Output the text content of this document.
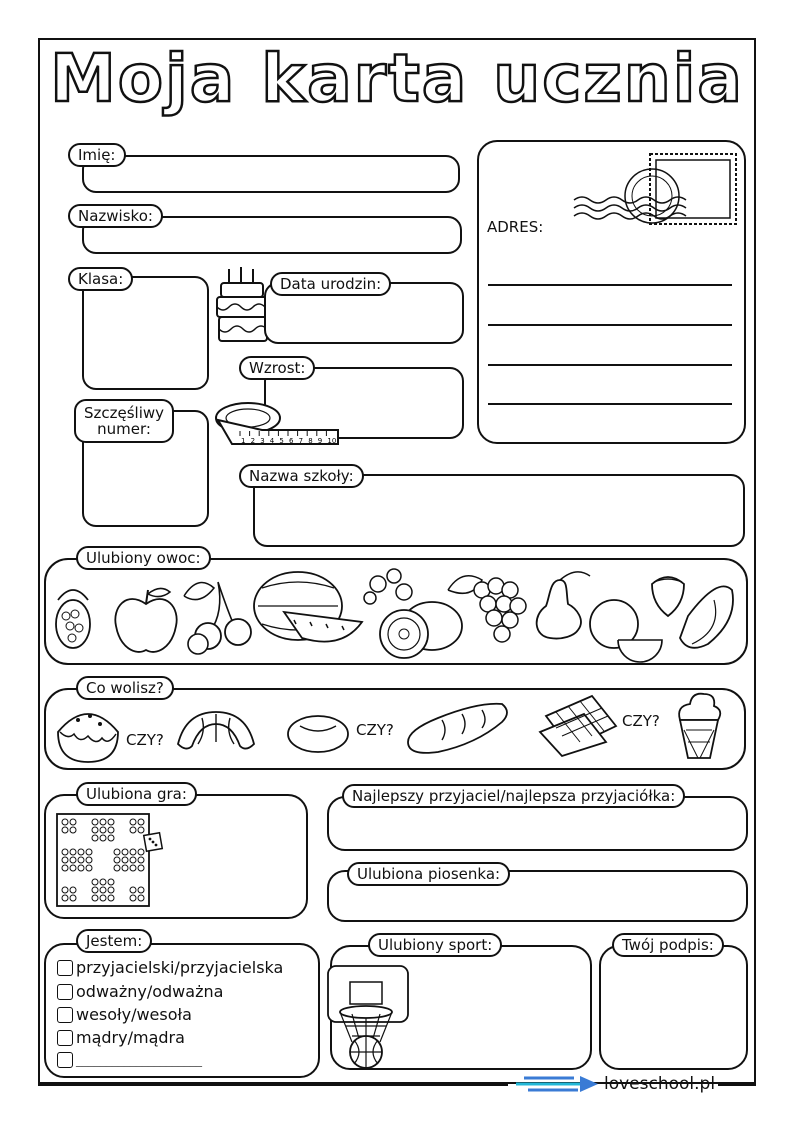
Moja karta ucznia
Imię:
Nazwisko:
ADRES:
Klasa:	Data urodzin:
Wzrost:
1 2 3 4 5 6 7 8 9 10
Szczęśliwy
numer:
Nazwa szkoły:
Ulubiony owoc:
Co wolisz?
CZY?
CZY?	CZY?
Ulubiona gra:	Najlepszy przyjaciel/najlepsza przyjaciółka:
Ulubiona piosenka:
Jestem:
przyjacielski/przyjacielska
odważny/odważna
wesoły/wesoła
mądry/mądra
_____________________
Ulubiony sport:	Twój podpis:
loveschool.pl
